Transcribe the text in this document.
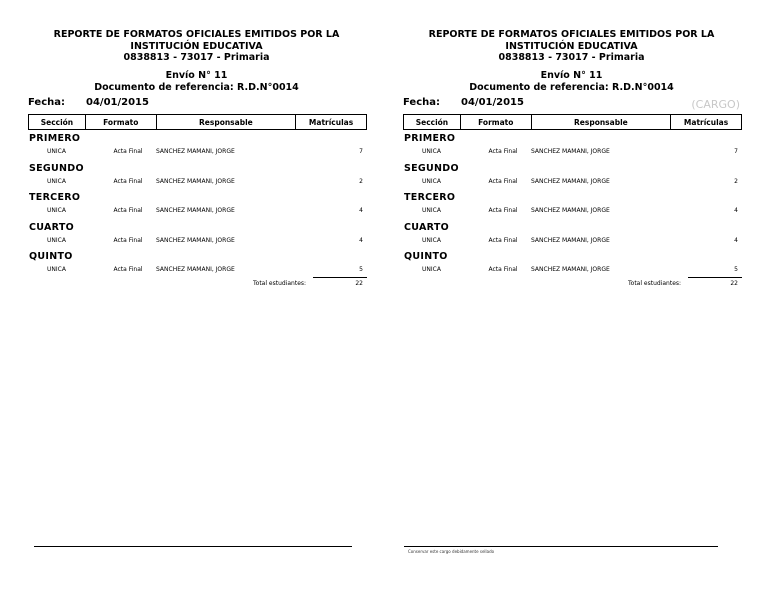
REPORTE DE FORMATOS OFICIALES EMITIDOS POR LA
INSTITUCIÓN EDUCATIVA
0838813 - 73017 - Primaria
Envío N° 11
Documento de referencia: R.D.N°0014
Fecha: 04/01/2015
Sección	Formato	Responsable	Matrículas
PRIMERO
UNICA	Acta Final	SANCHEZ MAMANI, JORGE	7
SEGUNDO
UNICA	Acta Final	SANCHEZ MAMANI, JORGE	2
TERCERO
UNICA	Acta Final	SANCHEZ MAMANI, JORGE	4
CUARTO
UNICA	Acta Final	SANCHEZ MAMANI, JORGE	4
QUINTO
UNICA	Acta Final	SANCHEZ MAMANI, JORGE	5
Total estudiantes:	22
REPORTE DE FORMATOS OFICIALES EMITIDOS POR LA
INSTITUCIÓN EDUCATIVA
0838813 - 73017 - Primaria
Envío N° 11
Documento de referencia: R.D.N°0014
Fecha: 04/01/2015	(CARGO)
Sección	Formato	Responsable	Matrículas
PRIMERO
UNICA	Acta Final	SANCHEZ MAMANI, JORGE	7
SEGUNDO
UNICA	Acta Final	SANCHEZ MAMANI, JORGE	2
TERCERO
UNICA	Acta Final	SANCHEZ MAMANI, JORGE	4
CUARTO
UNICA	Acta Final	SANCHEZ MAMANI, JORGE	4
QUINTO
UNICA	Acta Final	SANCHEZ MAMANI, JORGE	5
Total estudiantes:	22
Conservar este cargo debidamente sellado
